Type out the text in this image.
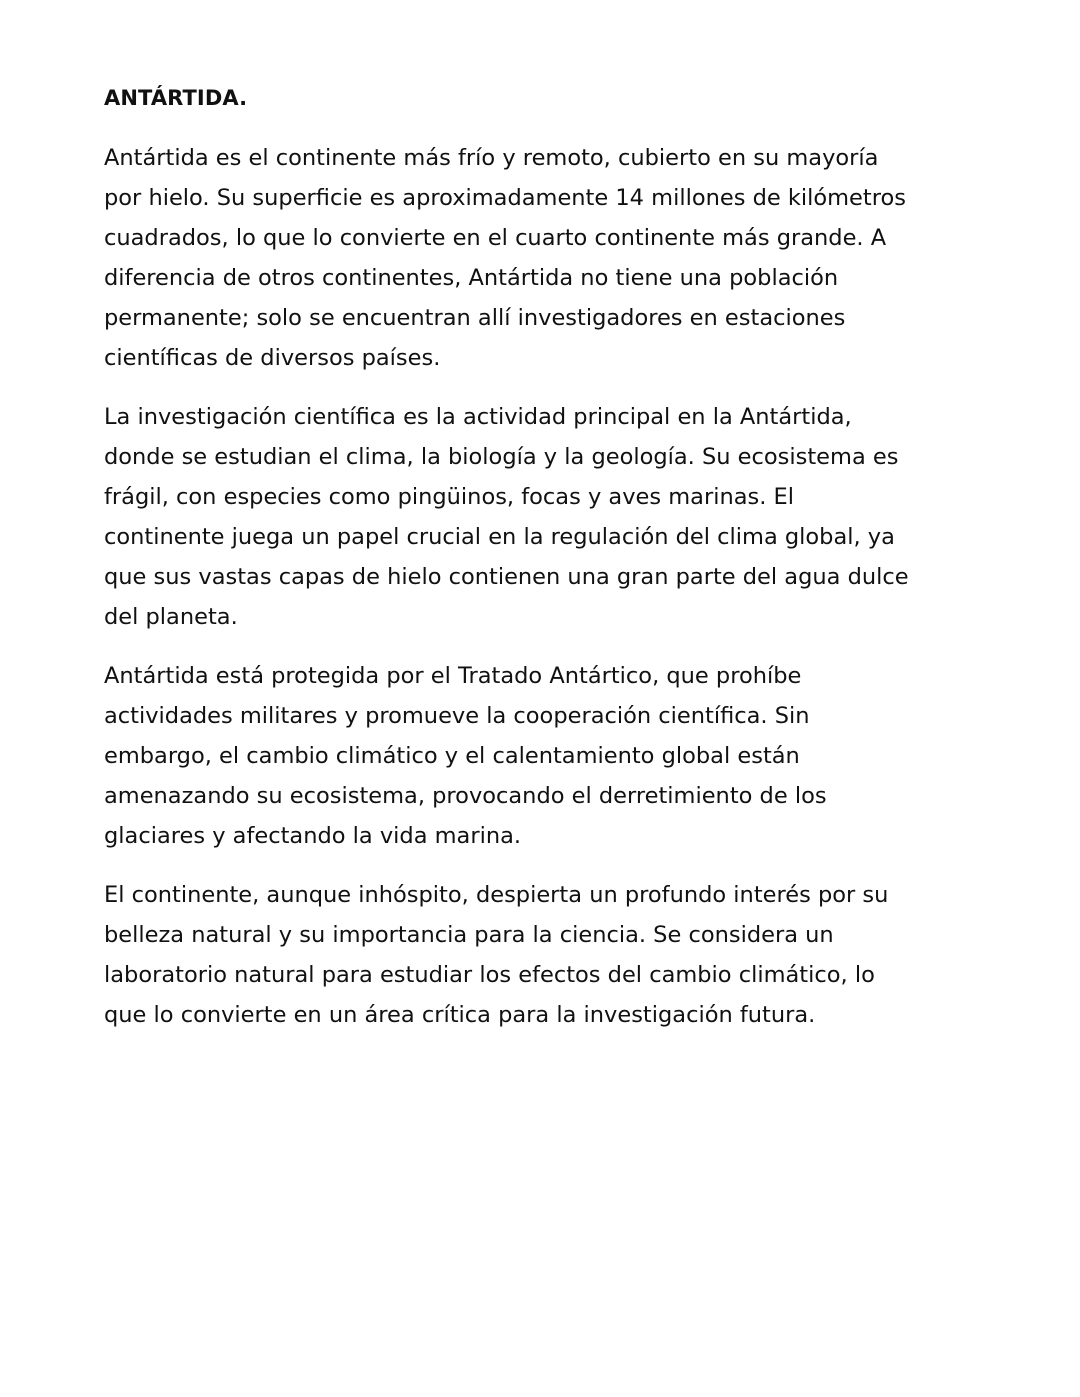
ANTÁRTIDA.

Antártida es el continente más frío y remoto, cubierto en su mayoría por hielo. Su superficie es aproximadamente 14 millones de kilómetros cuadrados, lo que lo convierte en el cuarto continente más grande. A diferencia de otros continentes, Antártida no tiene una población permanente; solo se encuentran allí investigadores en estaciones científicas de diversos países.

La investigación científica es la actividad principal en la Antártida, donde se estudian el clima, la biología y la geología. Su ecosistema es frágil, con especies como pingüinos, focas y aves marinas. El continente juega un papel crucial en la regulación del clima global, ya que sus vastas capas de hielo contienen una gran parte del agua dulce del planeta.

Antártida está protegida por el Tratado Antártico, que prohíbe actividades militares y promueve la cooperación científica. Sin embargo, el cambio climático y el calentamiento global están amenazando su ecosistema, provocando el derretimiento de los glaciares y afectando la vida marina.

El continente, aunque inhóspito, despierta un profundo interés por su belleza natural y su importancia para la ciencia. Se considera un laboratorio natural para estudiar los efectos del cambio climático, lo que lo convierte en un área crítica para la investigación futura.
